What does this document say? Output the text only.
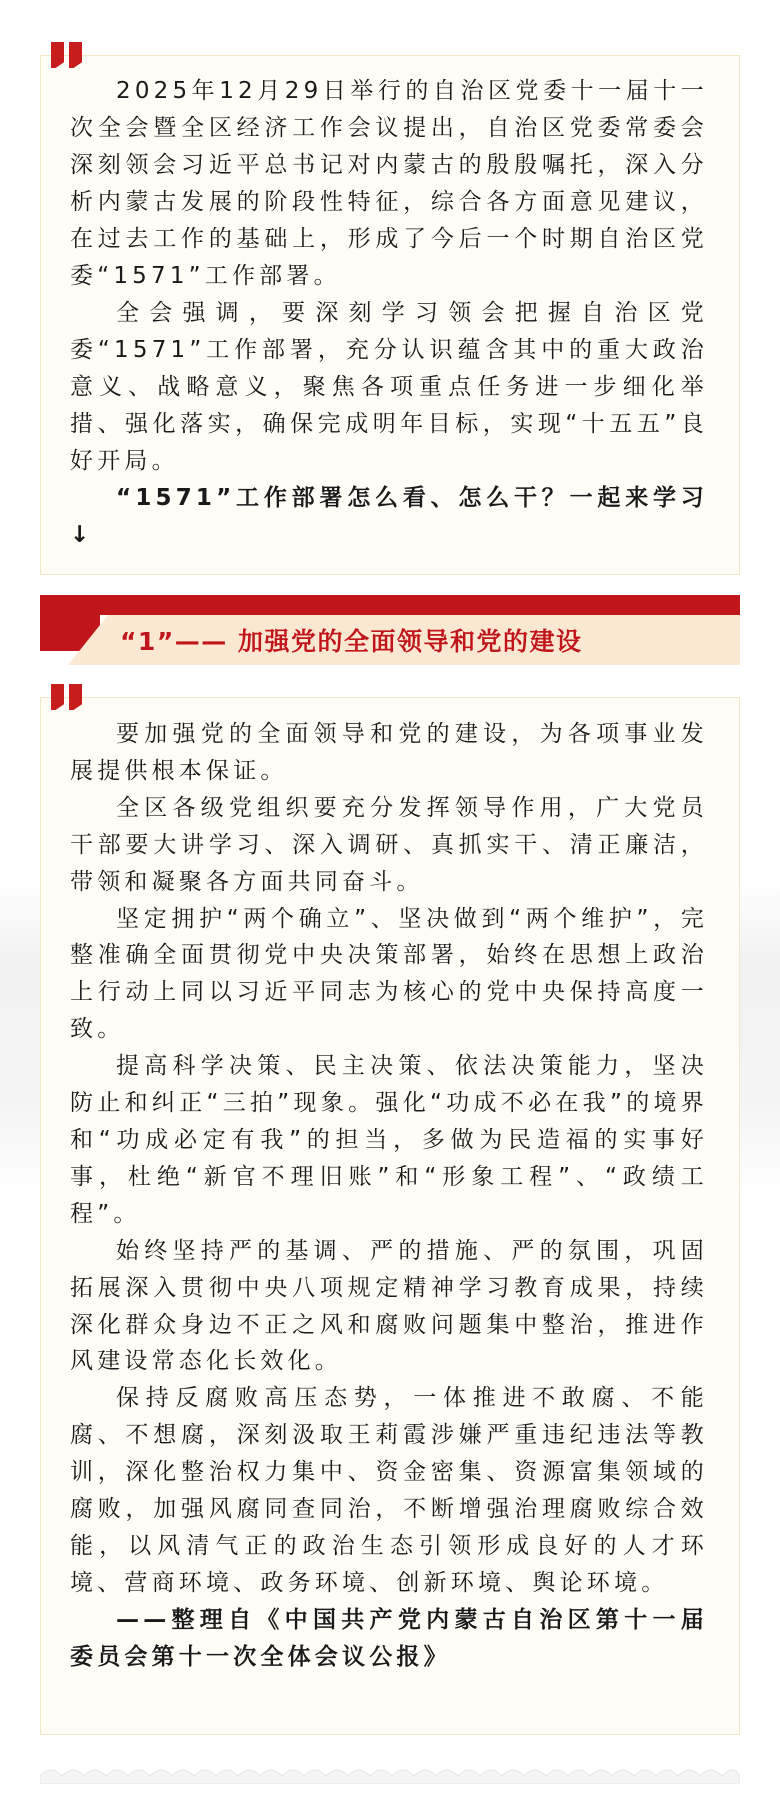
2025年12月29日举行的自治区党委十一届十一次全会暨全区经济工作会议提出，自治区党委常委会深刻领会习近平总书记对内蒙古的殷殷嘱托，深入分析内蒙古发展的阶段性特征，综合各方面意见建议，在过去工作的基础上，形成了今后一个时期自治区党委“1571”工作部署。

全会强调，要深刻学习领会把握自治区党委“1571”工作部署，充分认识蕴含其中的重大政治意义、战略意义，聚焦各项重点任务进一步细化举措、强化落实，确保完成明年目标，实现“十五五”良好开局。

“1571”工作部署怎么看、怎么干？一起来学习↓

“1”—— 加强党的全面领导和党的建设

要加强党的全面领导和党的建设，为各项事业发展提供根本保证。

全区各级党组织要充分发挥领导作用，广大党员干部要大讲学习、深入调研、真抓实干、清正廉洁，带领和凝聚各方面共同奋斗。

坚定拥护“两个确立”、坚决做到“两个维护”，完整准确全面贯彻党中央决策部署，始终在思想上政治上行动上同以习近平同志为核心的党中央保持高度一致。

提高科学决策、民主决策、依法决策能力，坚决防止和纠正“三拍”现象。强化“功成不必在我”的境界和“功成必定有我”的担当，多做为民造福的实事好事，杜绝“新官不理旧账”和“形象工程”、“政绩工程”。

始终坚持严的基调、严的措施、严的氛围，巩固拓展深入贯彻中央八项规定精神学习教育成果，持续深化群众身边不正之风和腐败问题集中整治，推进作风建设常态化长效化。

保持反腐败高压态势，一体推进不敢腐、不能腐、不想腐，深刻汲取王莉霞涉嫌严重违纪违法等教训，深化整治权力集中、资金密集、资源富集领域的腐败，加强风腐同查同治，不断增强治理腐败综合效能，以风清气正的政治生态引领形成良好的人才环境、营商环境、政务环境、创新环境、舆论环境。

——整理自《中国共产党内蒙古自治区第十一届委员会第十一次全体会议公报》
